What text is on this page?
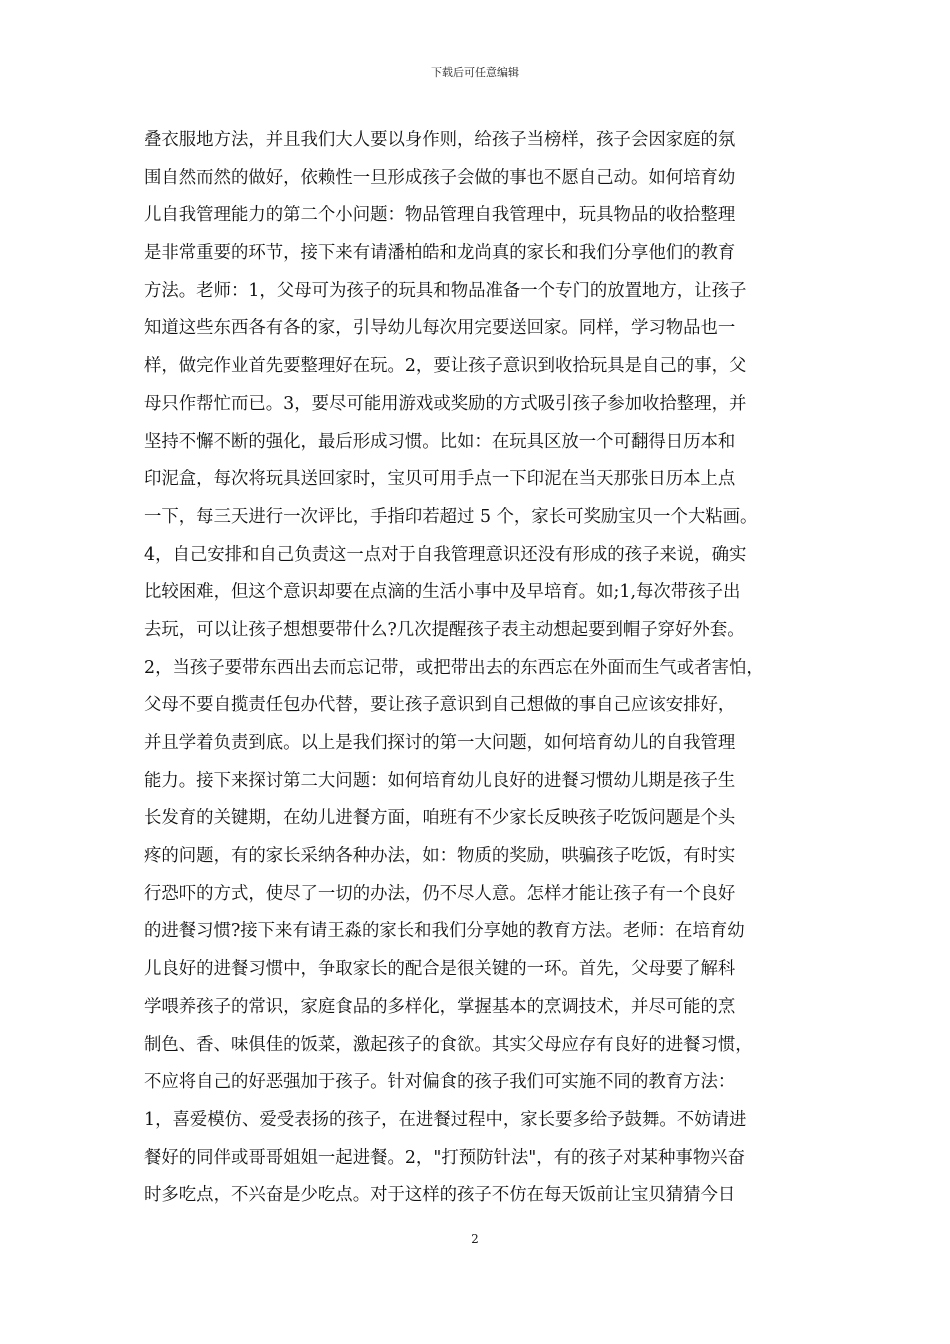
下载后可任意编辑
叠衣服地方法，并且我们大人要以身作则，给孩子当榜样，孩子会因家庭的氛
围自然而然的做好，依赖性一旦形成孩子会做的事也不愿自己动。如何培育幼
儿自我管理能力的第二个小问题：物品管理自我管理中，玩具物品的收拾整理
是非常重要的环节，接下来有请潘柏皓和龙尚真的家长和我们分享他们的教育
方法。老师：1，父母可为孩子的玩具和物品准备一个专门的放置地方，让孩子
知道这些东西各有各的家，引导幼儿每次用完要送回家。同样，学习物品也一
样，做完作业首先要整理好在玩。2，要让孩子意识到收拾玩具是自己的事，父
母只作帮忙而已。3，要尽可能用游戏或奖励的方式吸引孩子参加收拾整理，并
坚持不懈不断的强化，最后形成习惯。比如：在玩具区放一个可翻得日历本和
印泥盒，每次将玩具送回家时，宝贝可用手点一下印泥在当天那张日历本上点
一下，每三天进行一次评比，手指印若超过 5 个，家长可奖励宝贝一个大粘画。
4，自己安排和自己负责这一点对于自我管理意识还没有形成的孩子来说，确实
比较困难，但这个意识却要在点滴的生活小事中及早培育。如;1,每次带孩子出
去玩，可以让孩子想想要带什么?几次提醒孩子表主动想起要到帽子穿好外套。
2，当孩子要带东西出去而忘记带，或把带出去的东西忘在外面而生气或者害怕，
父母不要自揽责任包办代替，要让孩子意识到自己想做的事自己应该安排好，
并且学着负责到底。以上是我们探讨的第一大问题，如何培育幼儿的自我管理
能力。接下来探讨第二大问题：如何培育幼儿良好的进餐习惯幼儿期是孩子生
长发育的关键期，在幼儿进餐方面，咱班有不少家长反映孩子吃饭问题是个头
疼的问题，有的家长采纳各种办法，如：物质的奖励，哄骗孩子吃饭，有时实
行恐吓的方式，使尽了一切的办法，仍不尽人意。怎样才能让孩子有一个良好
的进餐习惯?接下来有请王淼的家长和我们分享她的教育方法。老师：在培育幼
儿良好的进餐习惯中，争取家长的配合是很关键的一环。首先，父母要了解科
学喂养孩子的常识，家庭食品的多样化，掌握基本的烹调技术，并尽可能的烹
制色、香、味俱佳的饭菜，激起孩子的食欲。其实父母应存有良好的进餐习惯，
不应将自己的好恶强加于孩子。针对偏食的孩子我们可实施不同的教育方法：
1，喜爱模仿、爱受表扬的孩子，在进餐过程中，家长要多给予鼓舞。不妨请进
餐好的同伴或哥哥姐姐一起进餐。2，"打预防针法"，有的孩子对某种事物兴奋
时多吃点，不兴奋是少吃点。对于这样的孩子不仿在每天饭前让宝贝猜猜今日
2
